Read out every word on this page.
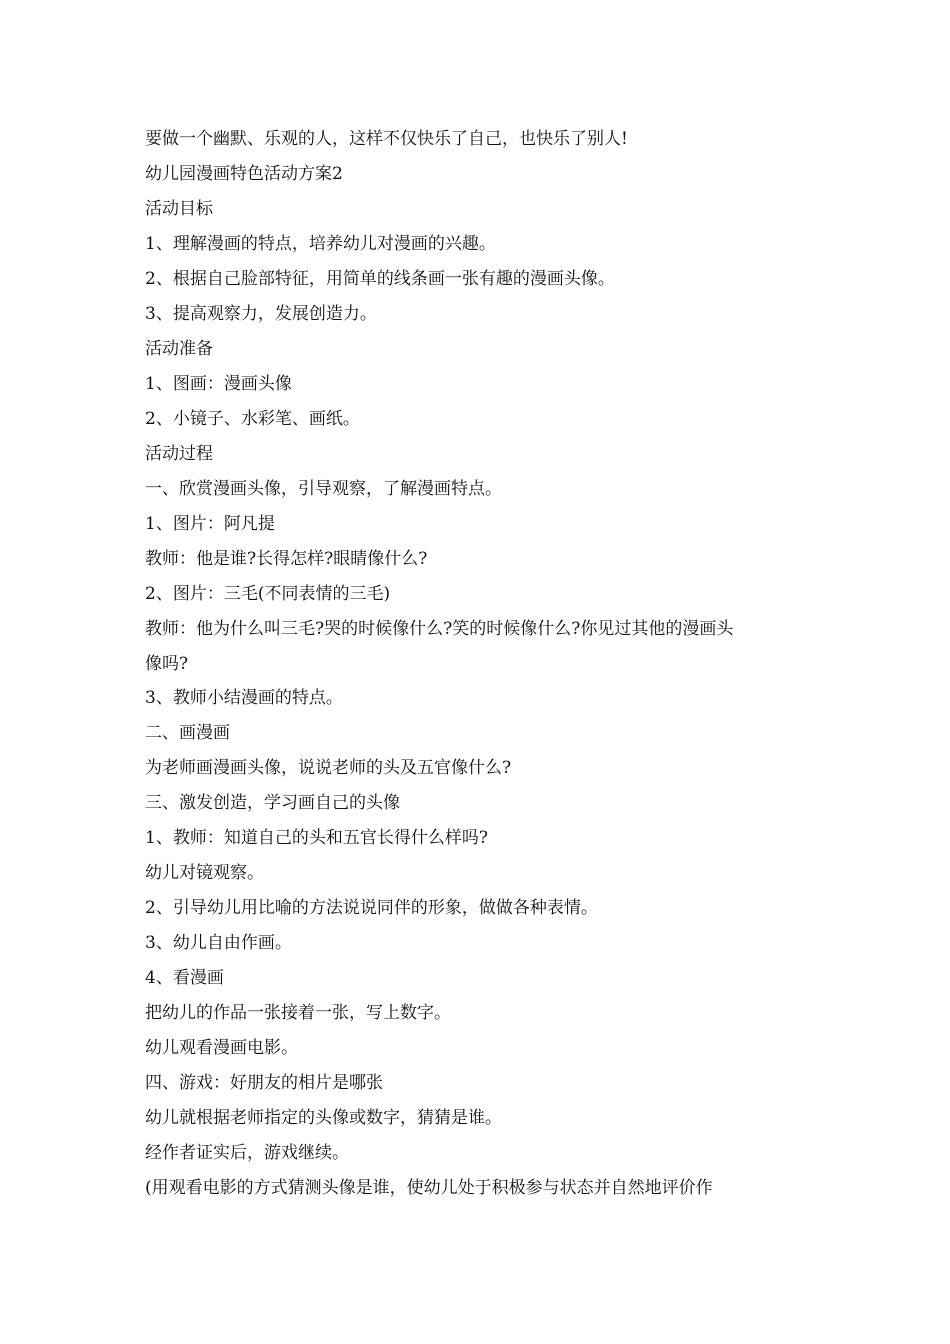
要做一个幽默、乐观的人，这样不仅快乐了自己，也快乐了别人!
幼儿园漫画特色活动方案2
活动目标
1、理解漫画的特点，培养幼儿对漫画的兴趣。
2、根据自己脸部特征，用简单的线条画一张有趣的漫画头像。
3、提高观察力，发展创造力。
活动准备
1、图画：漫画头像
2、小镜子、水彩笔、画纸。
活动过程
一、欣赏漫画头像，引导观察，了解漫画特点。
1、图片：阿凡提
教师：他是谁?长得怎样?眼睛像什么?
2、图片：三毛(不同表情的三毛)
教师：他为什么叫三毛?哭的时候像什么?笑的时候像什么?你见过其他的漫画头
像吗?
3、教师小结漫画的特点。
二、画漫画
为老师画漫画头像，说说老师的头及五官像什么?
三、激发创造，学习画自己的头像
1、教师：知道自己的头和五官长得什么样吗?
幼儿对镜观察。
2、引导幼儿用比喻的方法说说同伴的形象，做做各种表情。
3、幼儿自由作画。
4、看漫画
把幼儿的作品一张接着一张，写上数字。
幼儿观看漫画电影。
四、游戏：好朋友的相片是哪张
幼儿就根据老师指定的头像或数字，猜猜是谁。
经作者证实后，游戏继续。
(用观看电影的方式猜测头像是谁，使幼儿处于积极参与状态并自然地评价作
